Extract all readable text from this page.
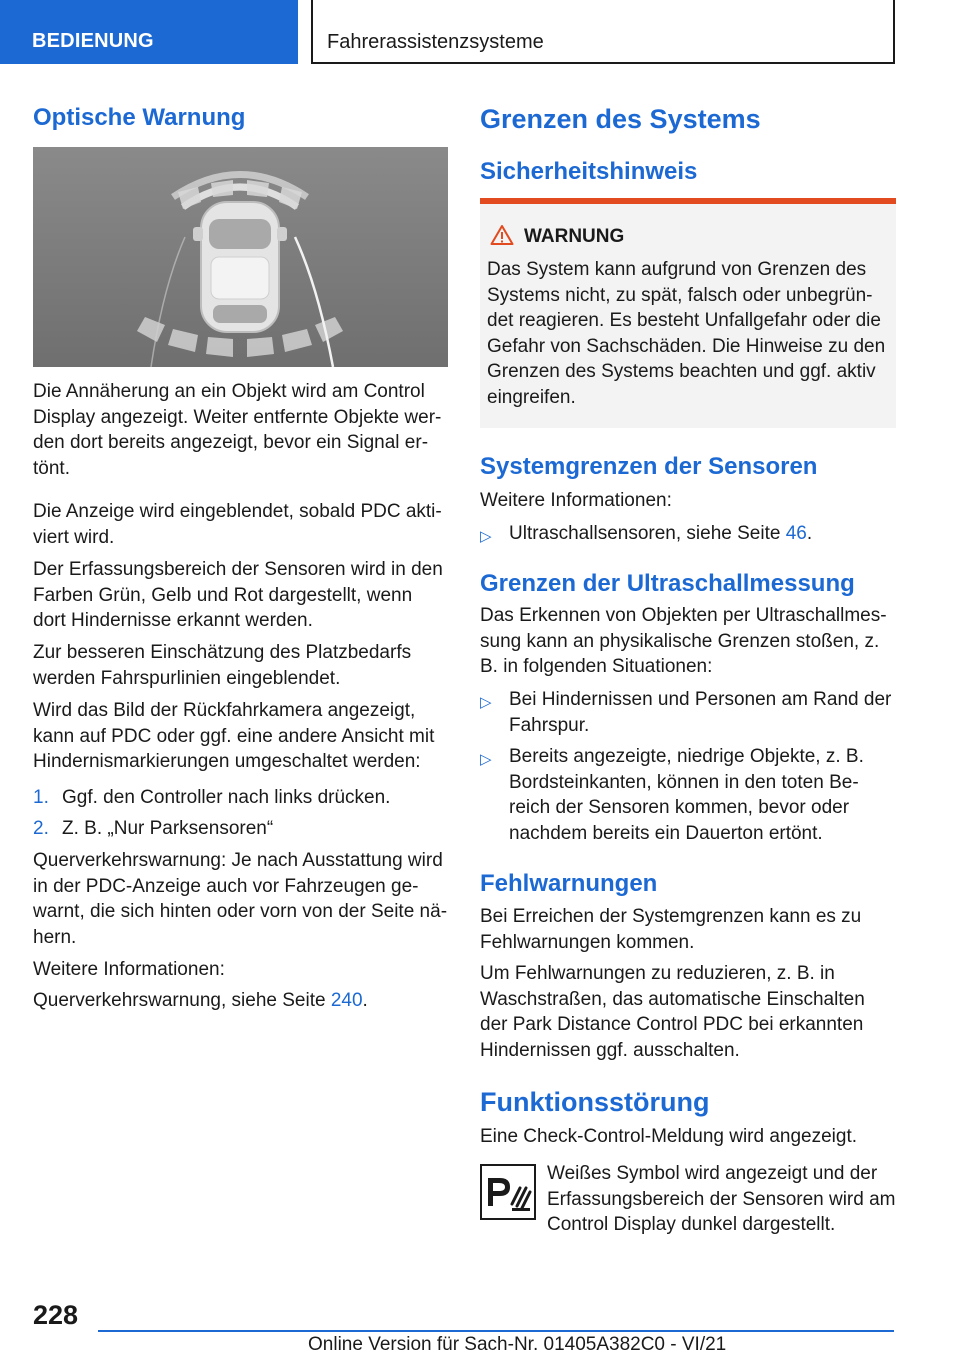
BEDIENUNG	Fahrerassistenzsysteme
Optische Warnung

Die Annäherung an ein Objekt wird am Control Display angezeigt. Weiter entfernte Objekte werden dort bereits angezeigt, bevor ein Signal ertönt.

Die Anzeige wird eingeblendet, sobald PDC aktiviert wird.

Der Erfassungsbereich der Sensoren wird in den Farben Grün, Gelb und Rot dargestellt, wenn dort Hindernisse erkannt werden.

Zur besseren Einschätzung des Platzbedarfs werden Fahrspurlinien eingeblendet.

Wird das Bild der Rückfahrkamera angezeigt, kann auf PDC oder ggf. eine andere Ansicht mit Hindernismarkierungen umgeschaltet werden:

1. Ggf. den Controller nach links drücken.
2. Z. B. „Nur Parksensoren“

Querverkehrswarnung: Je nach Ausstattung wird in der PDC-Anzeige auch vor Fahrzeugen gewarnt, die sich hinten oder vorn von der Seite nähern.

Weitere Informationen:

Querverkehrswarnung, siehe Seite 240.

Grenzen des Systems
Sicherheitshinweis
WARNUNG

Das System kann aufgrund von Grenzen des Systems nicht, zu spät, falsch oder unbegründet reagieren. Es besteht Unfallgefahr oder die Gefahr von Sachschäden. Die Hinweise zu den Grenzen des Systems beachten und ggf. aktiv eingreifen.

Systemgrenzen der Sensoren

Weitere Informationen:

▷ Ultraschallsensoren, siehe Seite 46.
Grenzen der Ultraschallmessung

Das Erkennen von Objekten per Ultraschallmessung kann an physikalische Grenzen stoßen, z. B. in folgenden Situationen:

▷ Bei Hindernissen und Personen am Rand der Fahrspur.
▷ Bereits angezeigte, niedrige Objekte, z. B. Bordsteinkanten, können in den toten Bereich der Sensoren kommen, bevor oder nachdem bereits ein Dauerton ertönt.
Fehlwarnungen

Bei Erreichen der Systemgrenzen kann es zu Fehlwarnungen kommen.

Um Fehlwarnungen zu reduzieren, z. B. in Waschstraßen, das automatische Einschalten der Park Distance Control PDC bei erkannten Hindernissen ggf. ausschalten.

Funktionsstörung

Eine Check-Control-Meldung wird angezeigt.

Weißes Symbol wird angezeigt und der Erfassungsbereich der Sensoren wird am Control Display dunkel dargestellt.

228
Online Version für Sach-Nr. 01405A382C0 - VI/21
